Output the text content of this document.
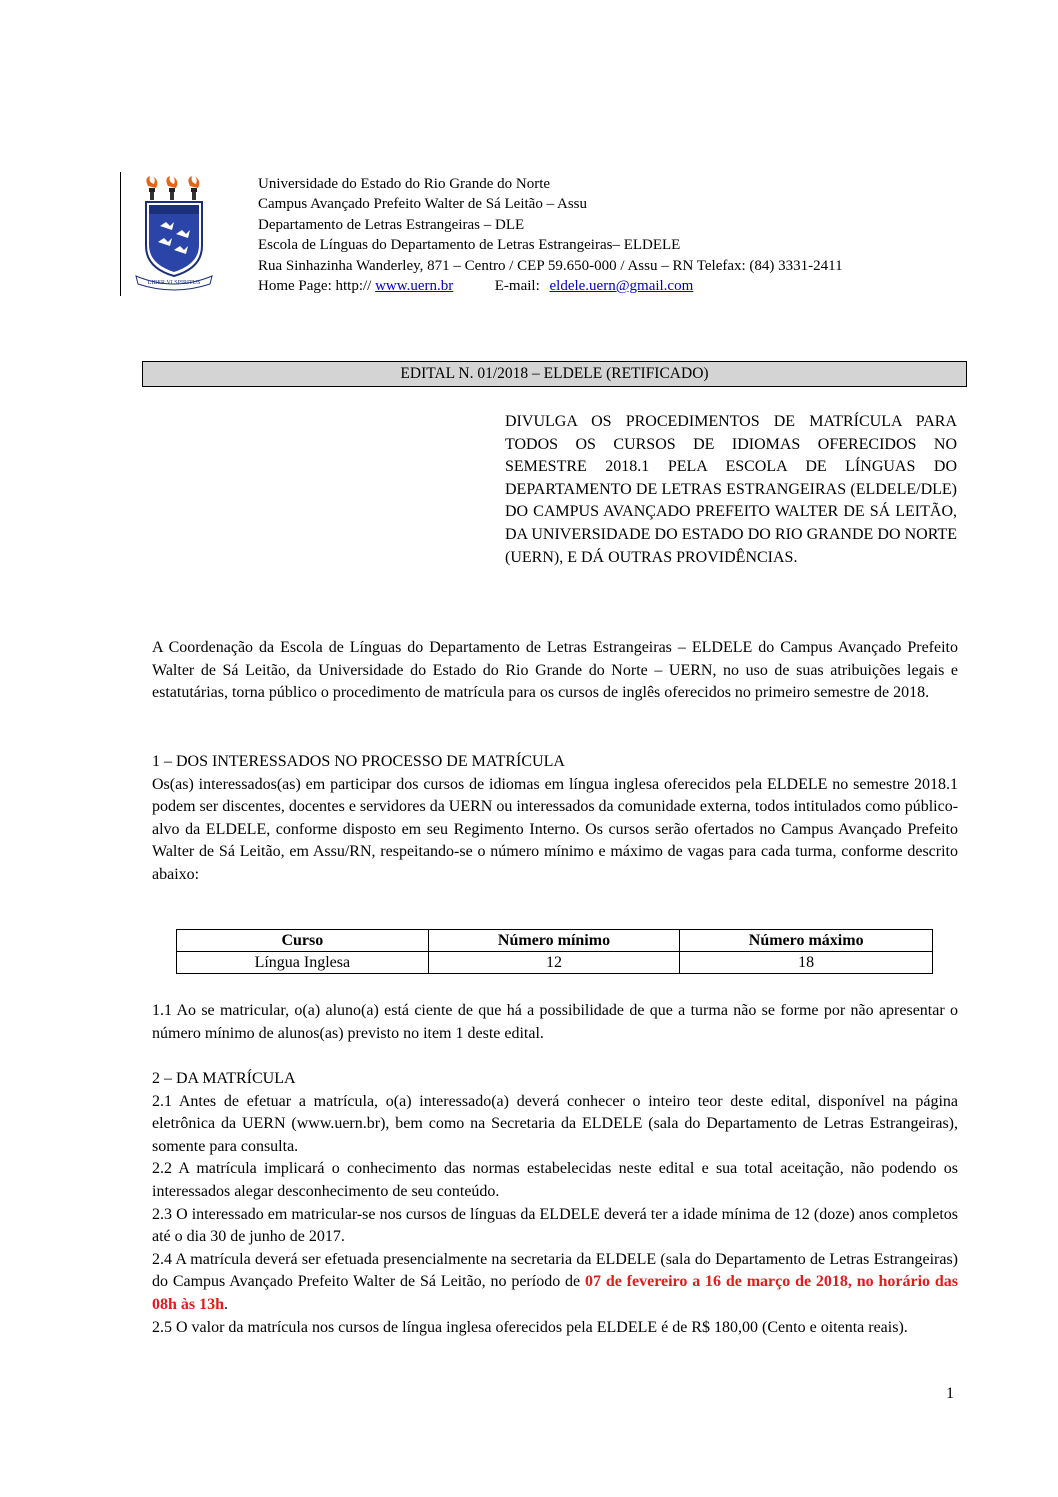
LIBER VI SPIRITUS
Universidade do Estado do Rio Grande do Norte
Campus Avançado Prefeito Walter de Sá Leitão – Assu
Departamento de Letras Estrangeiras – DLE
Escola de Línguas do Departamento de Letras Estrangeiras– ELDELE
Rua Sinhazinha Wanderley, 871 – Centro / CEP 59.650-000 / Assu – RN Telefax: (84) 3331-2411
Home Page: http:// www.uern.br	E-mail: eldele.uern@gmail.com
EDITAL N. 01/2018 – ELDELE (RETIFICADO)

DIVULGA OS PROCEDIMENTOS DE MATRÍCULA PARA TODOS OS CURSOS DE IDIOMAS OFERECIDOS NO SEMESTRE 2018.1 PELA ESCOLA DE LÍNGUAS DO DEPARTAMENTO DE LETRAS ESTRANGEIRAS (ELDELE/DLE) DO CAMPUS AVANÇADO PREFEITO WALTER DE SÁ LEITÃO, DA UNIVERSIDADE DO ESTADO DO RIO GRANDE DO NORTE (UERN), E DÁ OUTRAS PROVIDÊNCIAS.

A Coordenação da Escola de Línguas do Departamento de Letras Estrangeiras – ELDELE do Campus Avançado Prefeito Walter de Sá Leitão, da Universidade do Estado do Rio Grande do Norte – UERN, no uso de suas atribuições legais e estatutárias, torna público o procedimento de matrícula para os cursos de inglês oferecidos no primeiro semestre de 2018.

1 – DOS INTERESSADOS NO PROCESSO DE MATRÍCULA

Os(as) interessados(as) em participar dos cursos de idiomas em língua inglesa oferecidos pela ELDELE no semestre 2018.1 podem ser discentes, docentes e servidores da UERN ou interessados da comunidade externa, todos intitulados como público-alvo da ELDELE, conforme disposto em seu Regimento Interno. Os cursos serão ofertados no Campus Avançado Prefeito Walter de Sá Leitão, em Assu/RN, respeitando-se o número mínimo e máximo de vagas para cada turma, conforme descrito abaixo:

Curso	Número mínimo	Número máximo
Língua Inglesa	12	18

1.1 Ao se matricular, o(a) aluno(a) está ciente de que há a possibilidade de que a turma não se forme por não apresentar o número mínimo de alunos(as) previsto no item 1 deste edital.

2 – DA MATRÍCULA

2.1 Antes de efetuar a matrícula, o(a) interessado(a) deverá conhecer o inteiro teor deste edital, disponível na página eletrônica da UERN (www.uern.br), bem como na Secretaria da ELDELE (sala do Departamento de Letras Estrangeiras), somente para consulta.

2.2 A matrícula implicará o conhecimento das normas estabelecidas neste edital e sua total aceitação, não podendo os interessados alegar desconhecimento de seu conteúdo.

2.3 O interessado em matricular-se nos cursos de línguas da ELDELE deverá ter a idade mínima de 12 (doze) anos completos até o dia 30 de junho de 2017.

2.4 A matrícula deverá ser efetuada presencialmente na secretaria da ELDELE (sala do Departamento de Letras Estrangeiras) do Campus Avançado Prefeito Walter de Sá Leitão, no período de 07 de fevereiro a 16 de março de 2018, no horário das 08h às 13h.

2.5 O valor da matrícula nos cursos de língua inglesa oferecidos pela ELDELE é de R$ 180,00 (Cento e oitenta reais).

1
